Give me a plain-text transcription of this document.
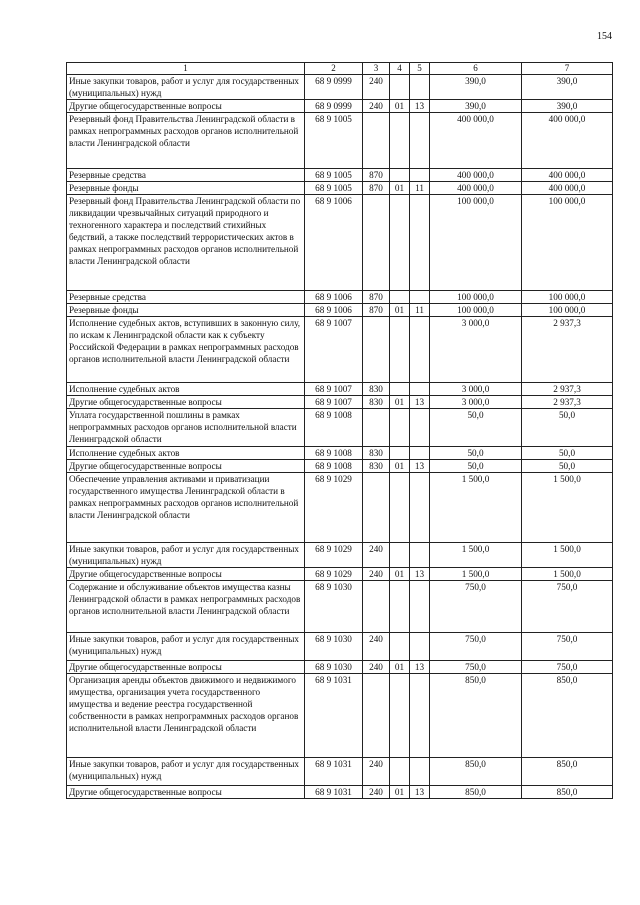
154
1	2	3	4	5	6	7
Иные закупки товаров, работ и услуг для государственных (муниципальных) нужд	68 9 0999	240			390,0	390,0
Другие общегосударственные вопросы	68 9 0999	240	01	13	390,0	390,0
Резервный фонд Правительства Ленинградской области в рамках непрограммных расходов органов исполнительной власти Ленинградской области	68 9 1005				400 000,0	400 000,0
Резервные средства	68 9 1005	870			400 000,0	400 000,0
Резервные фонды	68 9 1005	870	01	11	400 000,0	400 000,0
Резервный фонд Правительства Ленинградской области по ликвидации чрезвычайных ситуаций природного и техногенного характера и последствий стихийных бедствий, а также последствий террористических актов в рамках непрограммных расходов органов исполнительной власти Ленинградской области	68 9 1006				100 000,0	100 000,0
Резервные средства	68 9 1006	870			100 000,0	100 000,0
Резервные фонды	68 9 1006	870	01	11	100 000,0	100 000,0
Исполнение судебных актов, вступивших в законную силу, по искам к Ленинградской области как к субъекту Российской Федерации в рамках непрограммных расходов органов исполнительной власти Ленинградской области	68 9 1007				3 000,0	2 937,3
Исполнение судебных актов	68 9 1007	830			3 000,0	2 937,3
Другие общегосударственные вопросы	68 9 1007	830	01	13	3 000,0	2 937,3
Уплата государственной пошлины в рамках непрограммных расходов органов исполнительной власти Ленинградской области	68 9 1008				50,0	50,0
Исполнение судебных актов	68 9 1008	830			50,0	50,0
Другие общегосударственные вопросы	68 9 1008	830	01	13	50,0	50,0
Обеспечение управления активами и приватизации государственного имущества Ленинградской области в рамках непрограммных расходов органов исполнительной власти Ленинградской области	68 9 1029				1 500,0	1 500,0
Иные закупки товаров, работ и услуг для государственных (муниципальных) нужд	68 9 1029	240			1 500,0	1 500,0
Другие общегосударственные вопросы	68 9 1029	240	01	13	1 500,0	1 500,0
Содержание и обслуживание объектов имущества казны Ленинградской области в рамках непрограммных расходов органов исполнительной власти Ленинградской области	68 9 1030				750,0	750,0
Иные закупки товаров, работ и услуг для государственных (муниципальных) нужд	68 9 1030	240			750,0	750,0
Другие общегосударственные вопросы	68 9 1030	240	01	13	750,0	750,0
Организация аренды объектов движимого и недвижимого имущества, организация учета государственного имущества и ведение реестра государственной собственности в рамках непрограммных расходов органов исполнительной власти Ленинградской области	68 9 1031				850,0	850,0
Иные закупки товаров, работ и услуг для государственных (муниципальных) нужд	68 9 1031	240			850,0	850,0
Другие общегосударственные вопросы	68 9 1031	240	01	13	850,0	850,0
